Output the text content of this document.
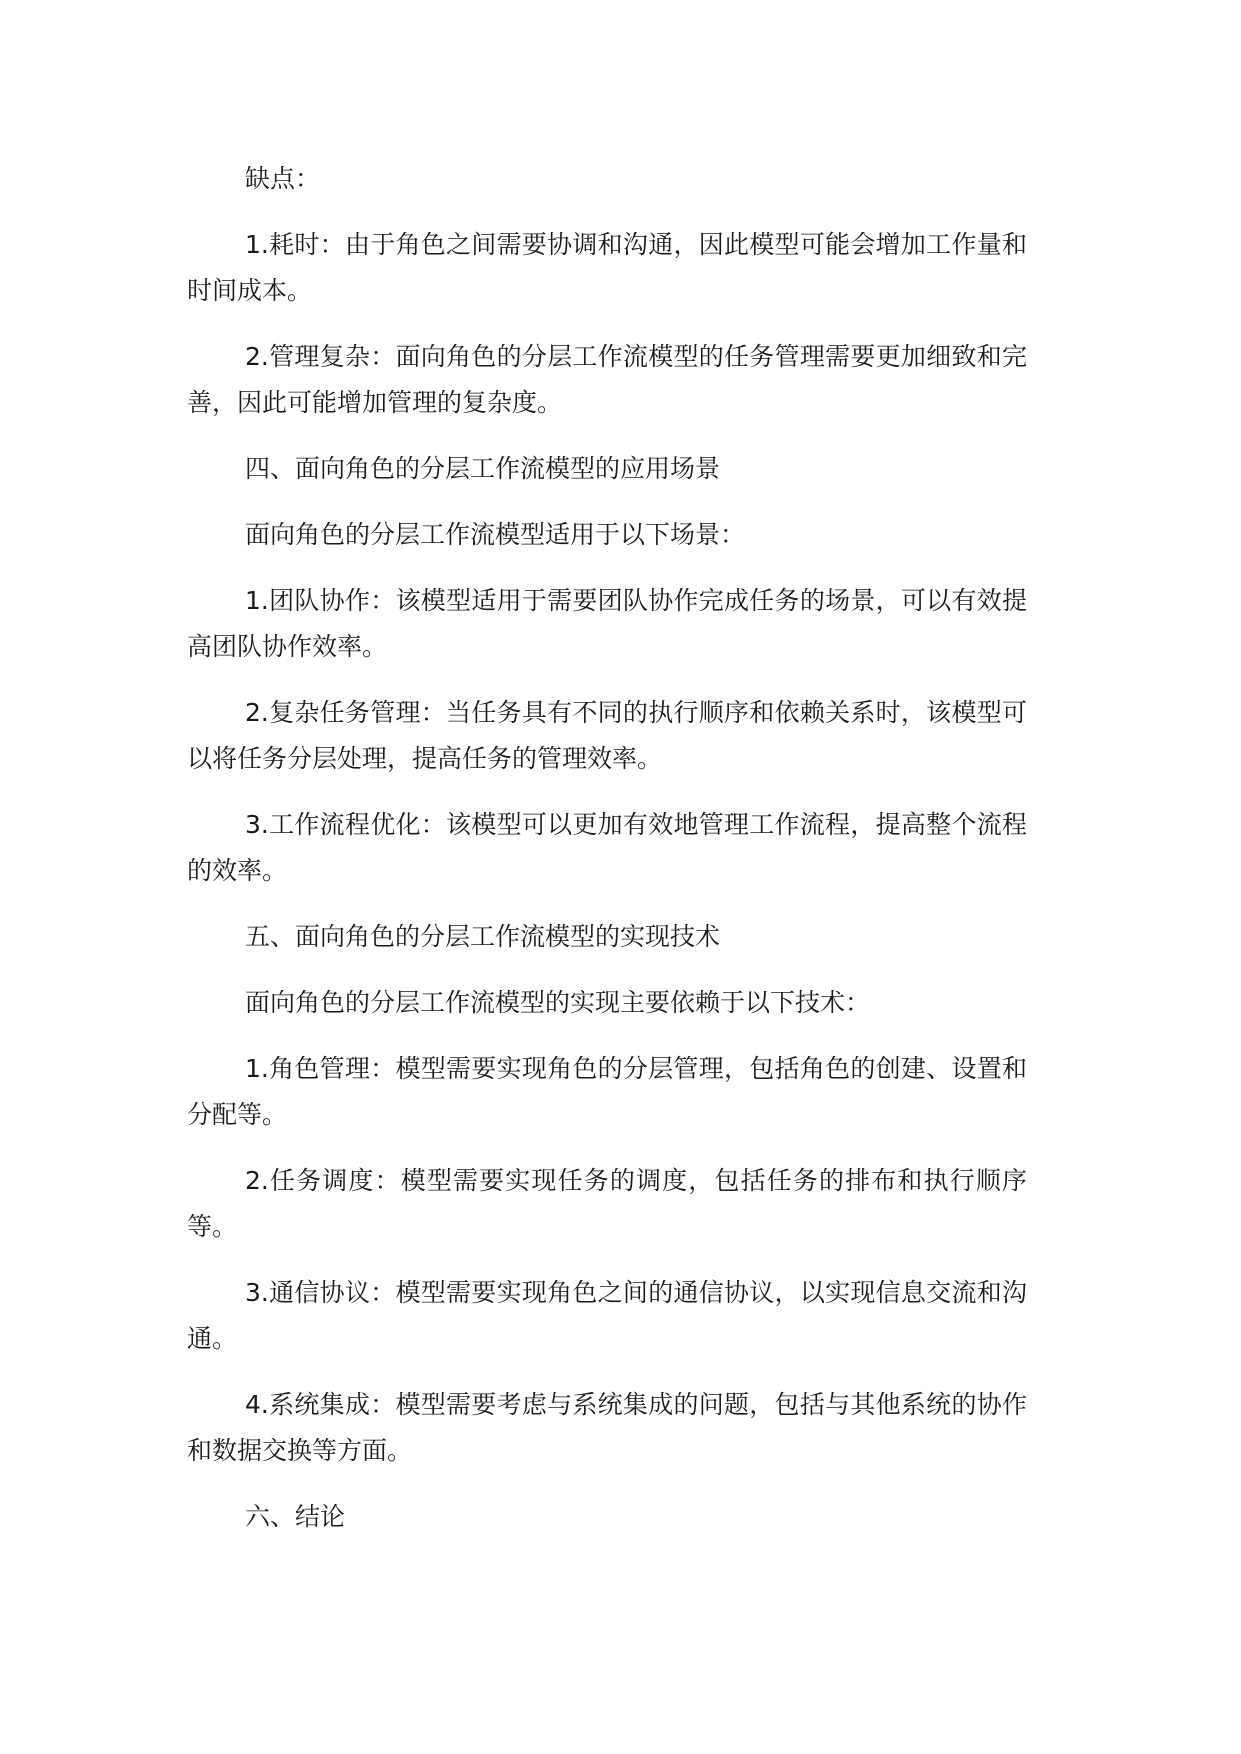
缺点：

1.耗时：由于角色之间需要协调和沟通，因此模型可能会增加工作量和时间成本。

2.管理复杂：面向角色的分层工作流模型的任务管理需要更加细致和完善，因此可能增加管理的复杂度。

四、面向角色的分层工作流模型的应用场景

面向角色的分层工作流模型适用于以下场景：

1.团队协作：该模型适用于需要团队协作完成任务的场景，可以有效提高团队协作效率。

2.复杂任务管理：当任务具有不同的执行顺序和依赖关系时，该模型可以将任务分层处理，提高任务的管理效率。

3.工作流程优化：该模型可以更加有效地管理工作流程，提高整个流程的效率。

五、面向角色的分层工作流模型的实现技术

面向角色的分层工作流模型的实现主要依赖于以下技术：

1.角色管理：模型需要实现角色的分层管理，包括角色的创建、设置和分配等。

2.任务调度：模型需要实现任务的调度，包括任务的排布和执行顺序等。

3.通信协议：模型需要实现角色之间的通信协议，以实现信息交流和沟通。

4.系统集成：模型需要考虑与系统集成的问题，包括与其他系统的协作和数据交换等方面。

六、结论
